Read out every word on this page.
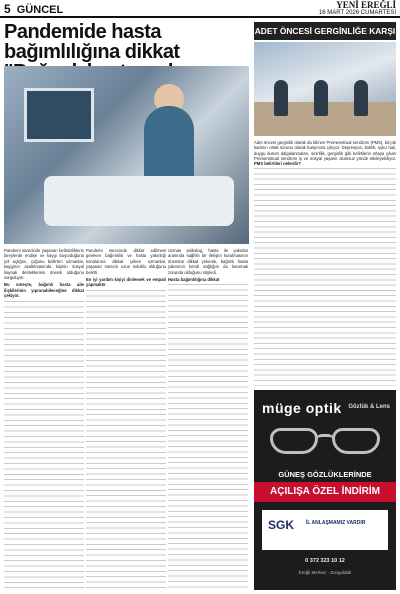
5 GÜNCEL	YENİ EREĞLİ
16 MART 2026 CUMARTESİ
Pandemide hasta bağımlılığına dikkat

Pandemi sürecinde yaşanan belirsizliklerin bireylerde endişe ve kaygı buyurduğuna yol açtığını, çoğunu bellirten uzmanlar, kaygının azaltılmasında kişinin sosyal kaynak desteklerinin önemli olduğunu vurguluyor.
Bu süreçte, bağımlı hasta aile ilişkilerinin yıpranabileceğine dikkat çekiyor.
Pandemi sürecinde dikkat edilmesi gereken bağımlılık ve hasta yakınlığı konularına dikkat çeken uzmanlar, yaşanan sürecin uzun soluklu olduğunu belirtti.
En iyi yardım kişiyi dinlemek ve empati yapmaktır
Uzman psikolog, hasta ile yakınlar arasında sağlıklı bir iletişim kurulmasının önemine dikkat çekerek, bağımlı hasta yakınının kendi sağlığını da korumak zorunda olduğunu söyledi.
Hasta bağımlılığına dikkat
ADET ÖNCESİ GERGİNLİĞE KARŞI
Adet öncesi gerginlik olarak da bilinen Premenstrual sendrom (PMS), birçok kadının ortak sorunu olarak karşımıza çıkıyor. Depresyon, ilahlık, uyku hali, duygu durum dalgalanmaları, sinirlilik, gerginlik gibi belirtilerin ortaya çıkan Premenstrual sendrom iş ve sosyal yaşamı olumsuz yönde etkileyebiliyor. PMS belirtileri nelerdir?
müge optik Gözlük & Lens
GÜNEŞ GÖZLÜKLERİNDE
AÇILIŞA ÖZEL İNDİRİM
SGK İL ANLAŞMAMIZ VARDIR
0 372 323 10 12
Ereğli Merkez - Zonguldak
